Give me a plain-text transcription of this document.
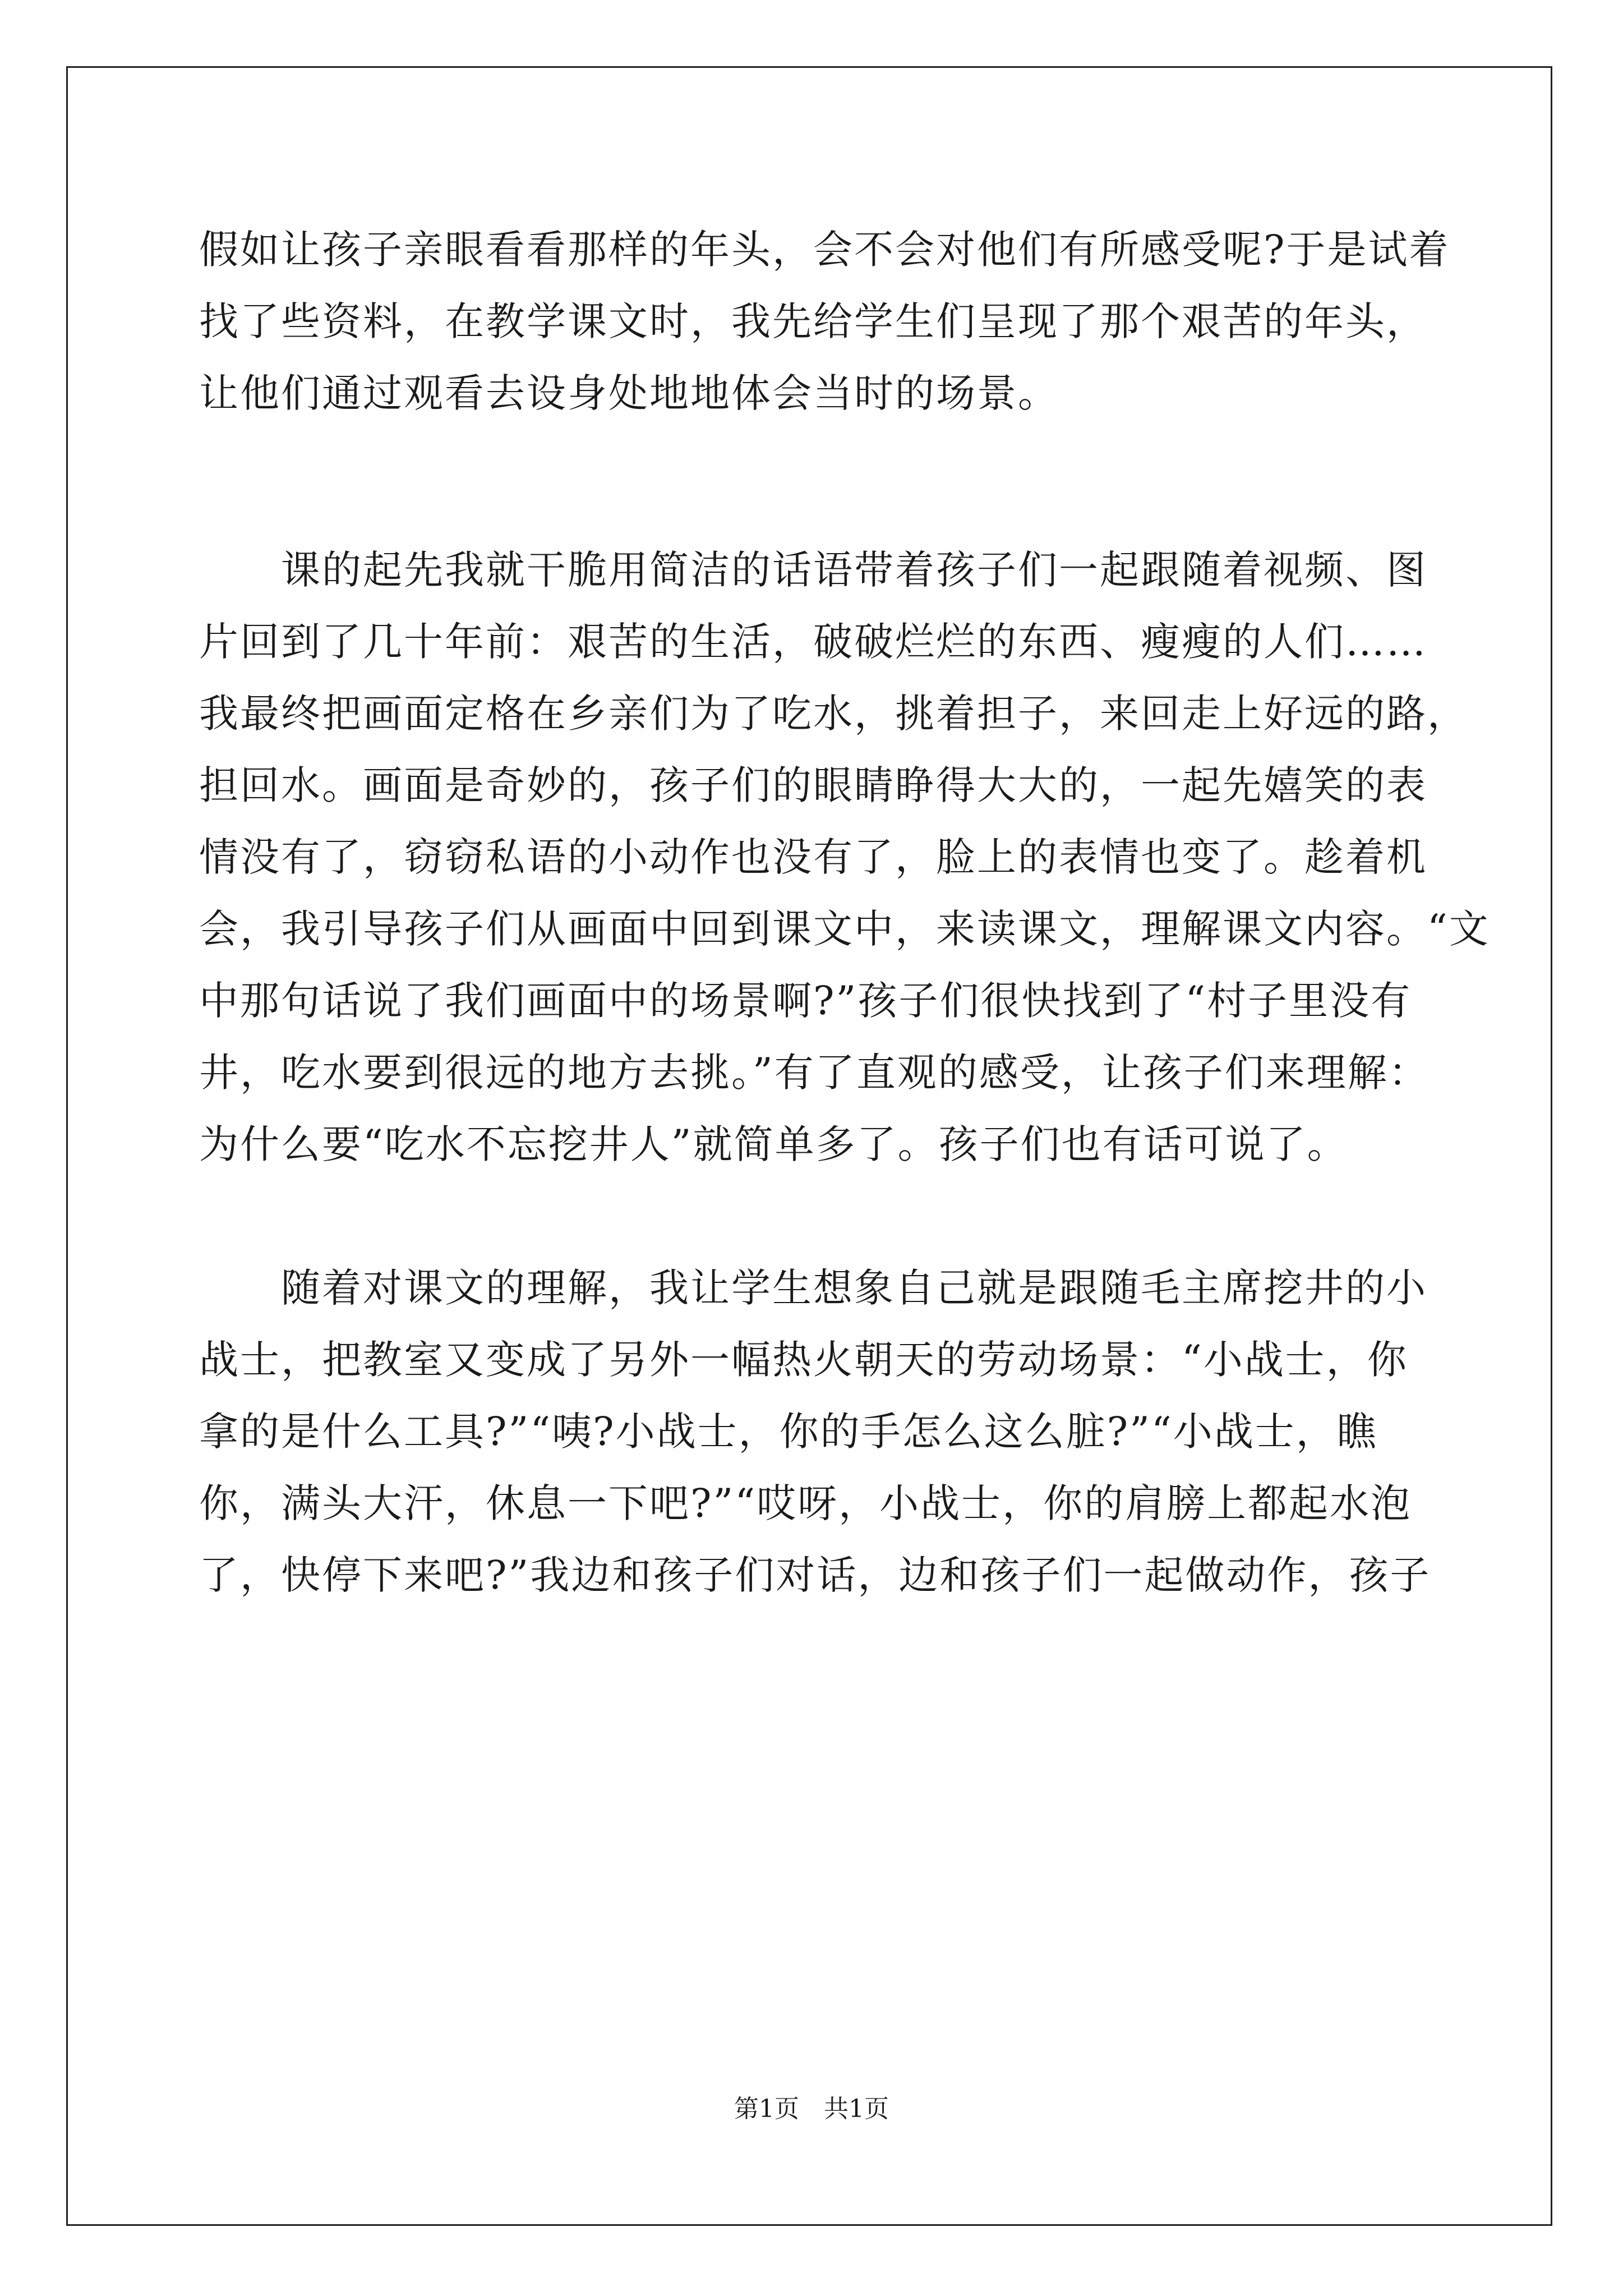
假如让孩子亲眼看看那样的年头，会不会对他们有所感受呢?于是试着
找了些资料，在教学课文时，我先给学生们呈现了那个艰苦的年头，
让他们通过观看去设身处地地体会当时的场景。
　　课的起先我就干脆用简洁的话语带着孩子们一起跟随着视频、图
片回到了几十年前：艰苦的生活，破破烂烂的东西、瘦瘦的人们……
我最终把画面定格在乡亲们为了吃水，挑着担子，来回走上好远的路，
担回水。画面是奇妙的，孩子们的眼睛睁得大大的，一起先嬉笑的表
情没有了，窃窃私语的小动作也没有了，脸上的表情也变了。趁着机
会，我引导孩子们从画面中回到课文中，来读课文，理解课文内容。“文
中那句话说了我们画面中的场景啊?”孩子们很快找到了“村子里没有
井，吃水要到很远的地方去挑。”有了直观的感受，让孩子们来理解：
为什么要“吃水不忘挖井人”就简单多了。孩子们也有话可说了。
　　随着对课文的理解，我让学生想象自己就是跟随毛主席挖井的小
战士，把教室又变成了另外一幅热火朝天的劳动场景：“小战士，你
拿的是什么工具?”“咦?小战士，你的手怎么这么脏?”“小战士，瞧
你，满头大汗，休息一下吧?”“哎呀，小战士，你的肩膀上都起水泡
了，快停下来吧?”我边和孩子们对话，边和孩子们一起做动作，孩子
第1页　共1页
